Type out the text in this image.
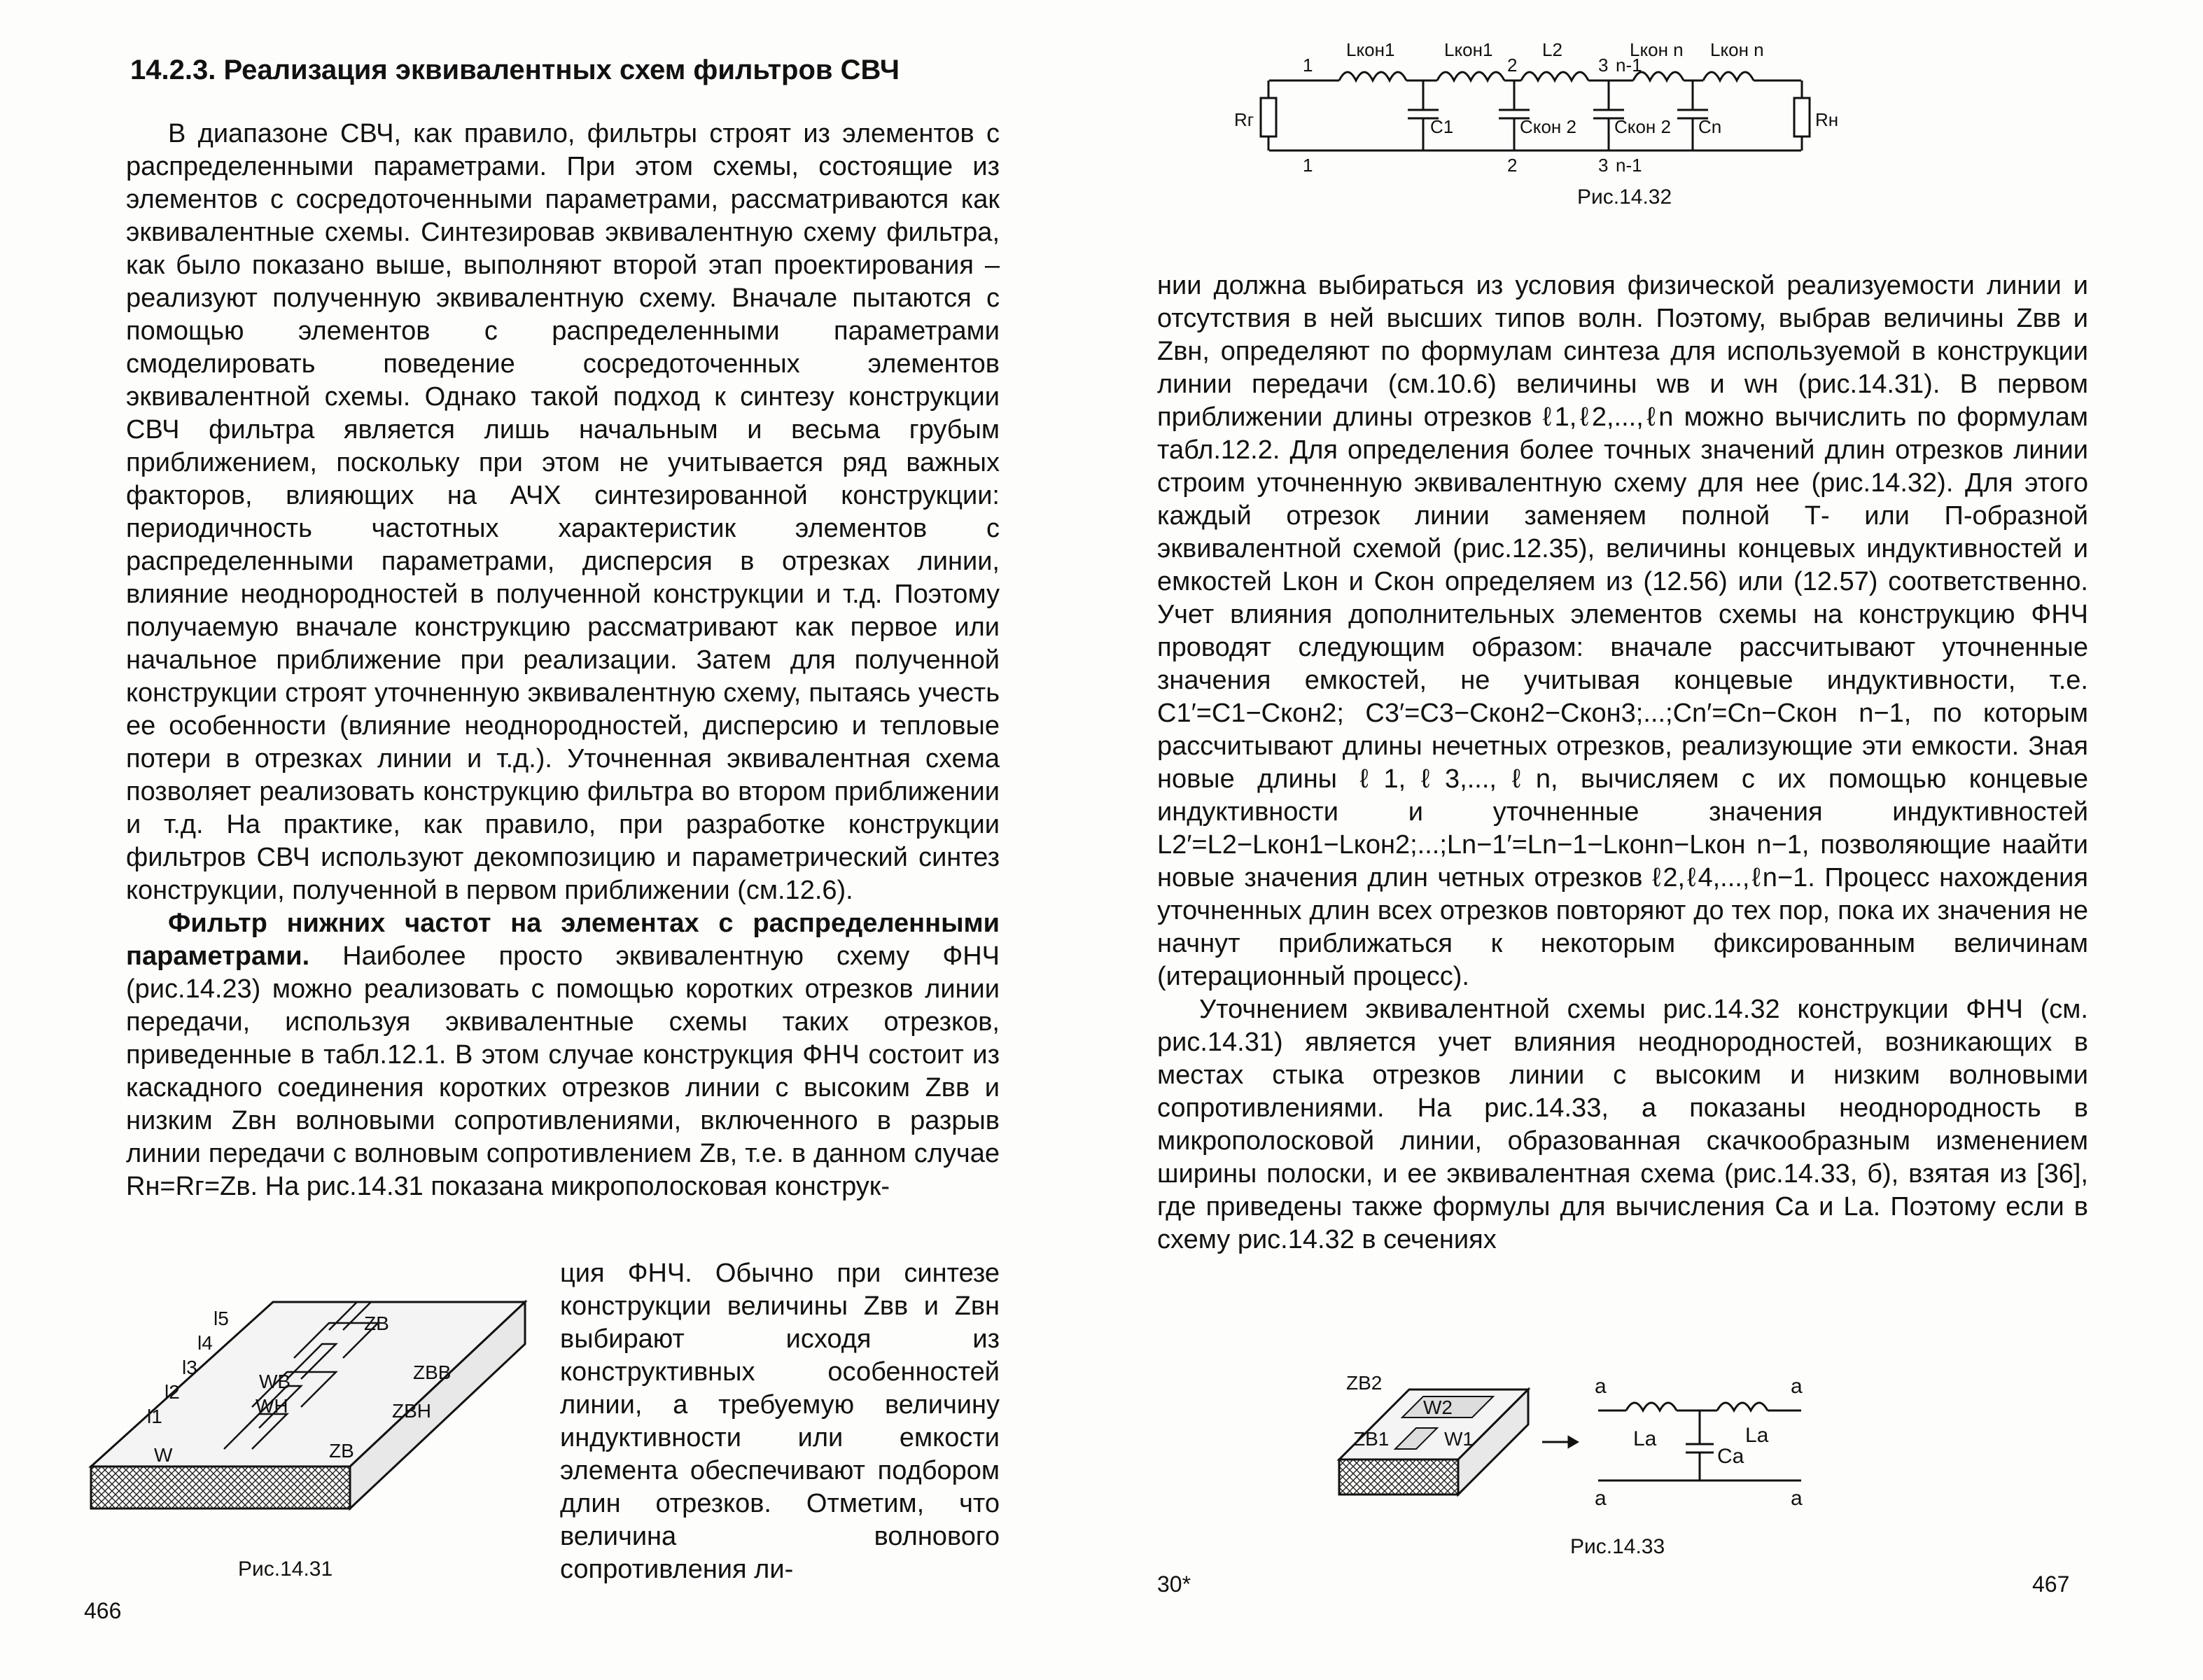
14.2.3. Реализация эквивалентных схем фильтров СВЧ

В диапазоне СВЧ, как правило, фильтры строят из элементов с распределенными параметрами. При этом схемы, состоящие из элементов с сосредоточенными параметрами, рассматриваются как эквивалентные схемы. Синтезировав эквивалентную схему фильтра, как было показано выше, выполняют второй этап проектирования – реализуют полученную эквивалентную схему. Вначале пытаются с помощью элементов с распределенными параметрами смоделировать поведение сосредоточенных элементов эквивалентной схемы. Однако такой подход к синтезу конструкции СВЧ фильтра является лишь начальным и весьма грубым приближением, поскольку при этом не учитывается ряд важных факторов, влияющих на АЧХ синтезированной конструкции: периодичность частотных характеристик элементов с распределенными параметрами, дисперсия в отрезках линии, влияние неоднородностей в полученной конструкции и т.д. Поэтому получаемую вначале конструкцию рассматривают как первое или начальное приближение при реализации. Затем для полученной конструкции строят уточненную эквивалентную схему, пытаясь учесть ее особенности (влияние неоднородностей, дисперсию и тепловые потери в отрезках линии и т.д.). Уточненная эквивалентная схема позволяет реализовать конструкцию фильтра во втором приближении и т.д. На практике, как правило, при разработке конструкции фильтров СВЧ используют декомпозицию и параметрический синтез конструкции, полученной в первом приближении (см.12.6).

Фильтр нижних частот на элементах с распределенными параметрами. Наиболее просто эквивалентную схему ФНЧ (рис.14.23) можно реализовать с помощью коротких отрезков линии передачи, используя эквивалентные схемы таких отрезков, приведенные в табл.12.1. В этом случае конструкция ФНЧ состоит из каскадного соединения коротких отрезков линии с высоким Zвв и низким Zвн волновыми сопротивлениями, включенного в разрыв линии передачи с волновым сопротивлением Zв, т.е. в данном случае Rн=Rг=Zв. На рис.14.31 показана микрополосковая конструк-

ция ФНЧ. Обычно при синтезе конструкции величины Zвв и Zвн выбирают исходя из конструктивных особенностей линии, а требуемую величину индуктивности или емкости элемента обеспечивают подбором длин отрезков. Отметим, что величина волнового сопротивления ли-

W
l1
l2
l3
l4
l5
WН
WВ
ZВ
ZВВ
ZВН
ZВ
Рис.14.31
466
Rг	Rн
Lкон1	Lкон1	L2	Lкон n Lкон n
C1	Cкон 2 Cкон 2 Cn
1
1
2
2
3
3
n-1
n-1
Рис.14.32

нии должна выбираться из условия физической реализуемости линии и отсутствия в ней высших типов волн. Поэтому, выбрав величины Zвв и Zвн, определяют по формулам синтеза для используемой в конструкции линии передачи (см.10.6) величины wв и wн (рис.14.31). В первом приближении длины отрезков ℓ1,ℓ2,...,ℓn можно вычислить по формулам табл.12.2. Для определения более точных значений длин отрезков линии строим уточненную эквивалентную схему для нее (рис.14.32). Для этого каждый отрезок линии заменяем полной Т- или П-образной эквивалентной схемой (рис.12.35), величины концевых индуктивностей и емкостей Lкон и Cкон определяем из (12.56) или (12.57) соответственно. Учет влияния дополнительных элементов схемы на конструкцию ФНЧ проводят следующим образом: вначале рассчитывают уточненные значения емкостей, не учитывая концевые индуктивности, т.е. C1′=C1−Cкон2; C3′=C3−Cкон2−Cкон3;...;Cn′=Cn−Cкон n−1, по которым рассчитывают длины нечетных отрезков, реализующие эти емкости. Зная новые длины ℓ1,ℓ3,...,ℓn, вычисляем с их помощью концевые индуктивности и уточненные значения индуктивностей L2′=L2−Lкон1−Lкон2;...;Ln−1′=Ln−1−Lконn−Lкон n−1, позволяющие наайти новые значения длин четных отрезков ℓ2,ℓ4,...,ℓn−1. Процесс нахождения уточненных длин всех отрезков повторяют до тех пор, пока их значения не начнут приближаться к некоторым фиксированным величинам (итерационный процесс).

Уточнением эквивалентной схемы рис.14.32 конструкции ФНЧ (см. рис.14.31) является учет влияния неоднородностей, возникающих в местах стыка отрезков линии с высоким и низким волновыми сопротивлениями. На рис.14.33, а показаны неоднородность в микрополосковой линии, образованная скачкообразным изменением ширины полоски, и ее эквивалентная схема (рис.14.33, б), взятая из [36], где приведены также формулы для вычисления Ca и La. Поэтому если в схему рис.14.32 в сечениях

ZВ2
W2
ZВ1	W1
a	a
a	a
La	La
Ca
Рис.14.33
30*	467
